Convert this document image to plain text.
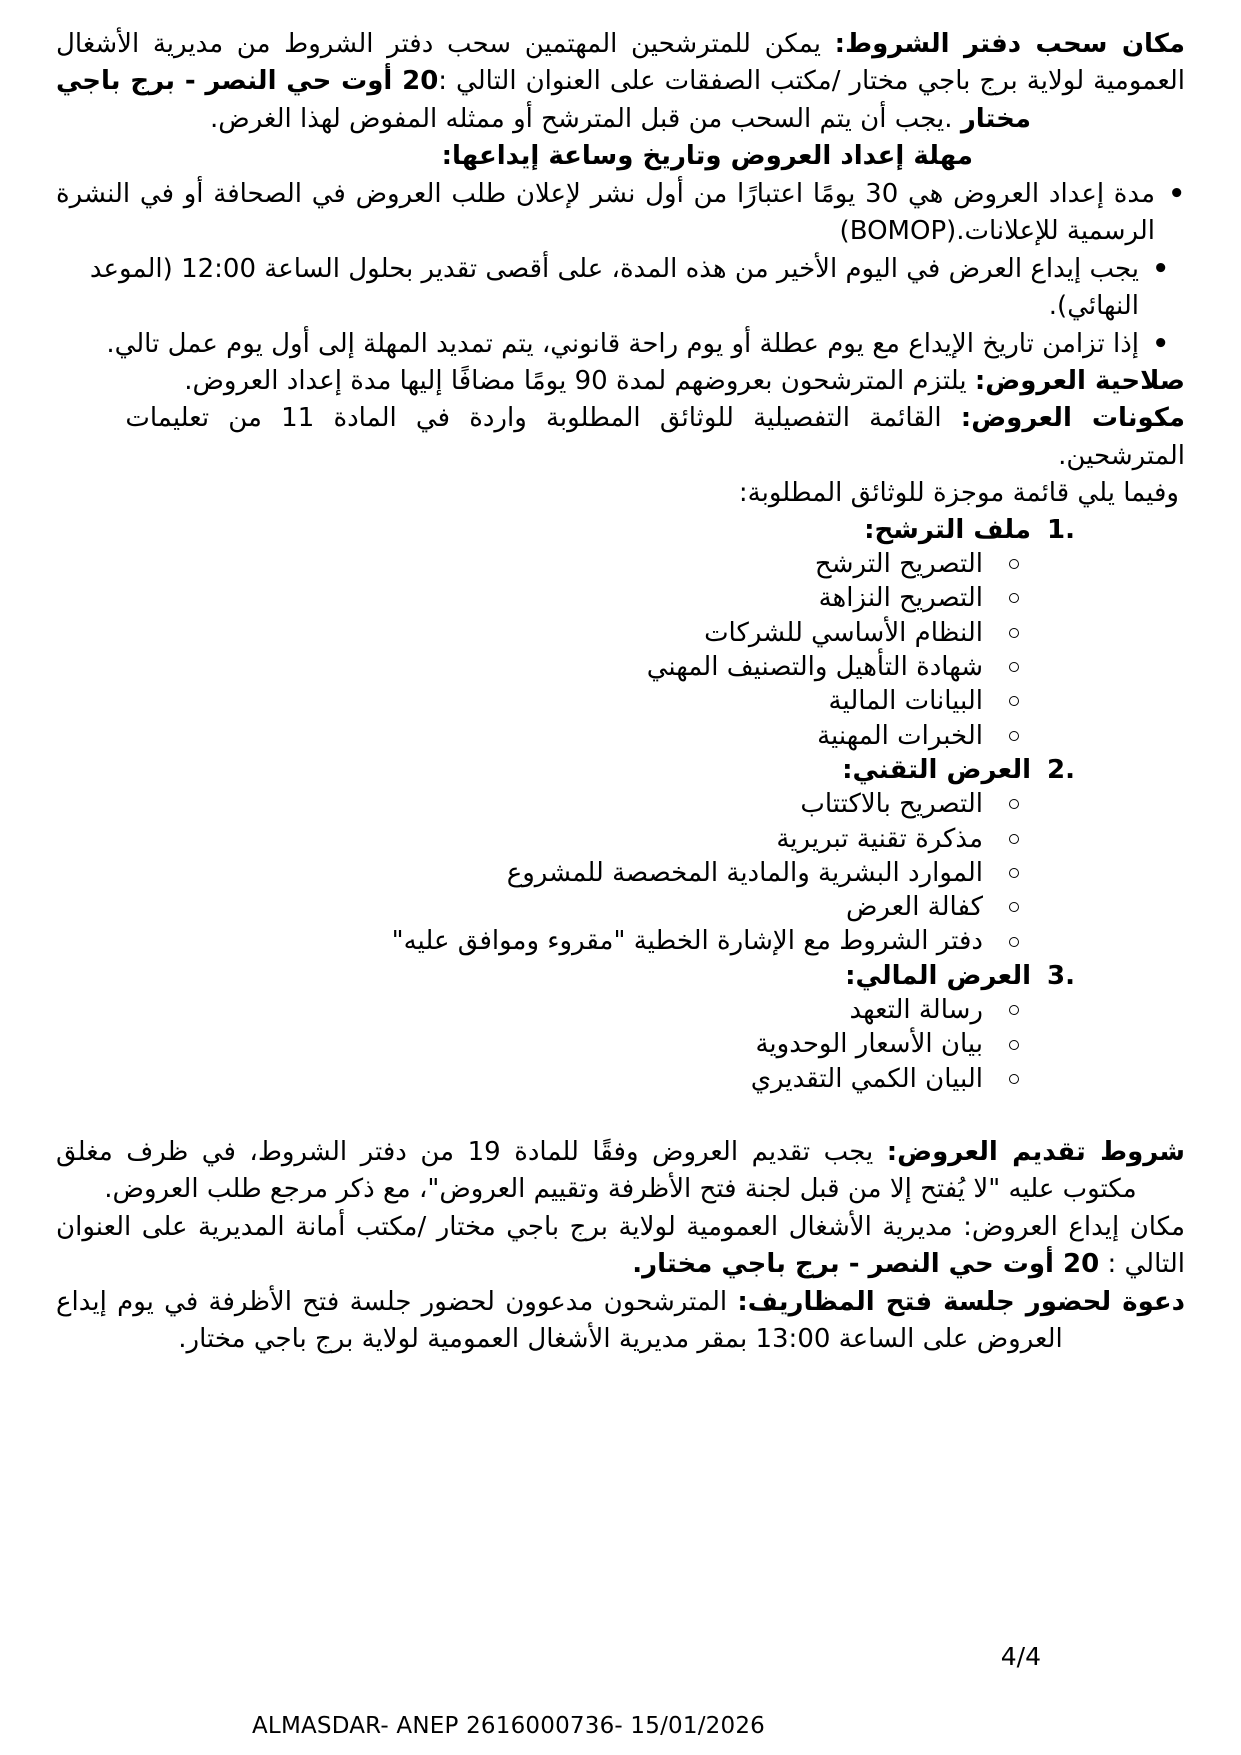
مكان سحب دفتر الشروط: يمكن للمترشحين المهتمين سحب دفتر الشروط من مديرية الأشغال العمومية لولاية برج باجي مختار /مكتب الصفقات على العنوان التالي :20 أوت حي النصر - برج باجي مختار .يجب أن يتم السحب من قبل المترشح أو ممثله المفوض لهذا الغرض.

مهلة إعداد العروض وتاريخ وساعة إيداعها:
•
مدة إعداد العروض هي 30 يومًا اعتبارًا من أول نشر لإعلان طلب العروض في الصحافة أو في النشرة الرسمية للإعلانات.(BOMOP)
•
يجب إيداع العرض في اليوم الأخير من هذه المدة، على أقصى تقدير بحلول الساعة 12:00 (الموعد النهائي).
•
إذا تزامن تاريخ الإيداع مع يوم عطلة أو يوم راحة قانوني، يتم تمديد المهلة إلى أول يوم عمل تالي.

صلاحية العروض: يلتزم المترشحون بعروضهم لمدة 90 يومًا مضافًا إليها مدة إعداد العروض.

مكونات العروض: القائمة التفصيلية للوثائق المطلوبة واردة في المادة 11 من تعليمات المترشحين.

وفيما يلي قائمة موجزة للوثائق المطلوبة:
1.
ملف الترشح:
التصريح الترشح
التصريح النزاهة
النظام الأساسي للشركات
شهادة التأهيل والتصنيف المهني
البيانات المالية
الخبرات المهنية
2.
العرض التقني:
التصريح بالاكتتاب
مذكرة تقنية تبريرية
الموارد البشرية والمادية المخصصة للمشروع
كفالة العرض
دفتر الشروط مع الإشارة الخطية "مقروء وموافق عليه"
3.
العرض المالي:
رسالة التعهد
بيان الأسعار الوحدوية
البيان الكمي التقديري

شروط تقديم العروض: يجب تقديم العروض وفقًا للمادة 19 من دفتر الشروط، في ظرف مغلق مكتوب عليه "لا يُفتح إلا من قبل لجنة فتح الأظرفة وتقييم العروض"، مع ذكر مرجع طلب العروض.

مكان إيداع العروض: مديرية الأشغال العمومية لولاية برج باجي مختار /مكتب أمانة المديرية على العنوان التالي : 20 أوت حي النصر - برج باجي مختار.

دعوة لحضور جلسة فتح المظاريف: المترشحون مدعوون لحضور جلسة فتح الأظرفة في يوم إيداع العروض على الساعة 13:00 بمقر مديرية الأشغال العمومية لولاية برج باجي مختار.

4/4
ALMASDAR- ANEP 2616000736- 15/01/2026
